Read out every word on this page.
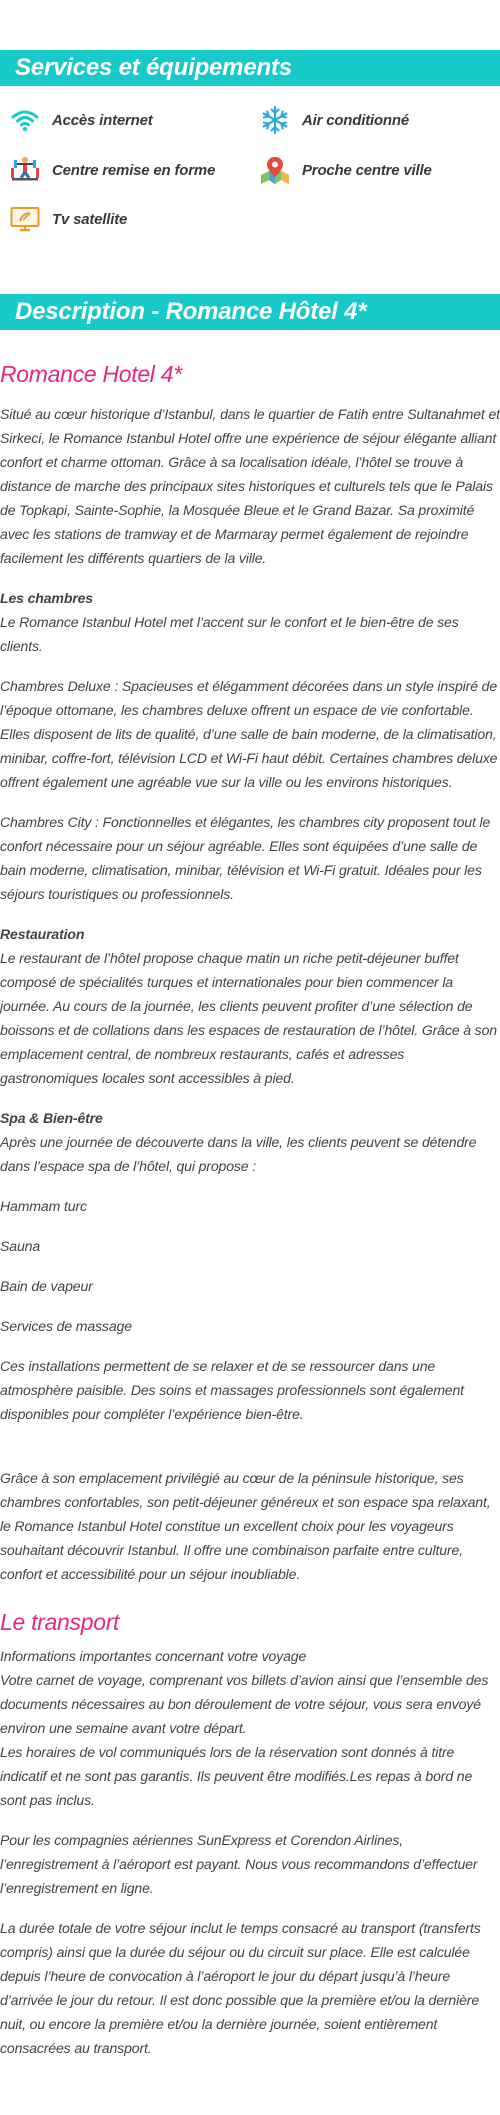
Services et équipements
Accès internet	Air conditionné
Centre remise en forme	Proche centre ville
Tv satellite
Description - Romance Hôtel 4*
Romance Hotel 4*

Situé au cœur historique d’Istanbul, dans le quartier de Fatih entre Sultanahmet et Sirkeci, le Romance Istanbul Hotel offre une expérience de séjour élégante alliant confort et charme ottoman. Grâce à sa localisation idéale, l’hôtel se trouve à distance de marche des principaux sites historiques et culturels tels que le Palais de Topkapi, Sainte-Sophie, la Mosquée Bleue et le Grand Bazar. Sa proximité avec les stations de tramway et de Marmaray permet également de rejoindre facilement les différents quartiers de la ville.

Les chambres
Le Romance Istanbul Hotel met l’accent sur le confort et le bien-être de ses clients.

Chambres Deluxe : Spacieuses et élégamment décorées dans un style inspiré de l’époque ottomane, les chambres deluxe offrent un espace de vie confortable. Elles disposent de lits de qualité, d’une salle de bain moderne, de la climatisation, minibar, coffre-fort, télévision LCD et Wi-Fi haut débit. Certaines chambres deluxe offrent également une agréable vue sur la ville ou les environs historiques.

Chambres City : Fonctionnelles et élégantes, les chambres city proposent tout le confort nécessaire pour un séjour agréable. Elles sont équipées d’une salle de bain moderne, climatisation, minibar, télévision et Wi-Fi gratuit. Idéales pour les séjours touristiques ou professionnels.

Restauration
Le restaurant de l’hôtel propose chaque matin un riche petit-déjeuner buffet composé de spécialités turques et internationales pour bien commencer la journée. Au cours de la journée, les clients peuvent profiter d’une sélection de boissons et de collations dans les espaces de restauration de l’hôtel. Grâce à son emplacement central, de nombreux restaurants, cafés et adresses gastronomiques locales sont accessibles à pied.

Spa & Bien-être
Après une journée de découverte dans la ville, les clients peuvent se détendre dans l’espace spa de l’hôtel, qui propose :

Hammam turc

Sauna

Bain de vapeur

Services de massage

Ces installations permettent de se relaxer et de se ressourcer dans une atmosphère paisible. Des soins et massages professionnels sont également disponibles pour compléter l’expérience bien-être.

Grâce à son emplacement privilégié au cœur de la péninsule historique, ses chambres confortables, son petit-déjeuner généreux et son espace spa relaxant, le Romance Istanbul Hotel constitue un excellent choix pour les voyageurs souhaitant découvrir Istanbul. Il offre une combinaison parfaite entre culture, confort et accessibilité pour un séjour inoubliable.

Le transport

Informations importantes concernant votre voyage
Votre carnet de voyage, comprenant vos billets d’avion ainsi que l’ensemble des documents nécessaires au bon déroulement de votre séjour, vous sera envoyé environ une semaine avant votre départ.
Les horaires de vol communiqués lors de la réservation sont donnés à titre indicatif et ne sont pas garantis. Ils peuvent être modifiés.Les repas à bord ne sont pas inclus.

Pour les compagnies aériennes SunExpress et Corendon Airlines, l’enregistrement à l’aéroport est payant. Nous vous recommandons d’effectuer l’enregistrement en ligne.

La durée totale de votre séjour inclut le temps consacré au transport (transferts compris) ainsi que la durée du séjour ou du circuit sur place. Elle est calculée depuis l’heure de convocation à l’aéroport le jour du départ jusqu’à l’heure d’arrivée le jour du retour. Il est donc possible que la première et/ou la dernière nuit, ou encore la première et/ou la dernière journée, soient entièrement consacrées au transport.
